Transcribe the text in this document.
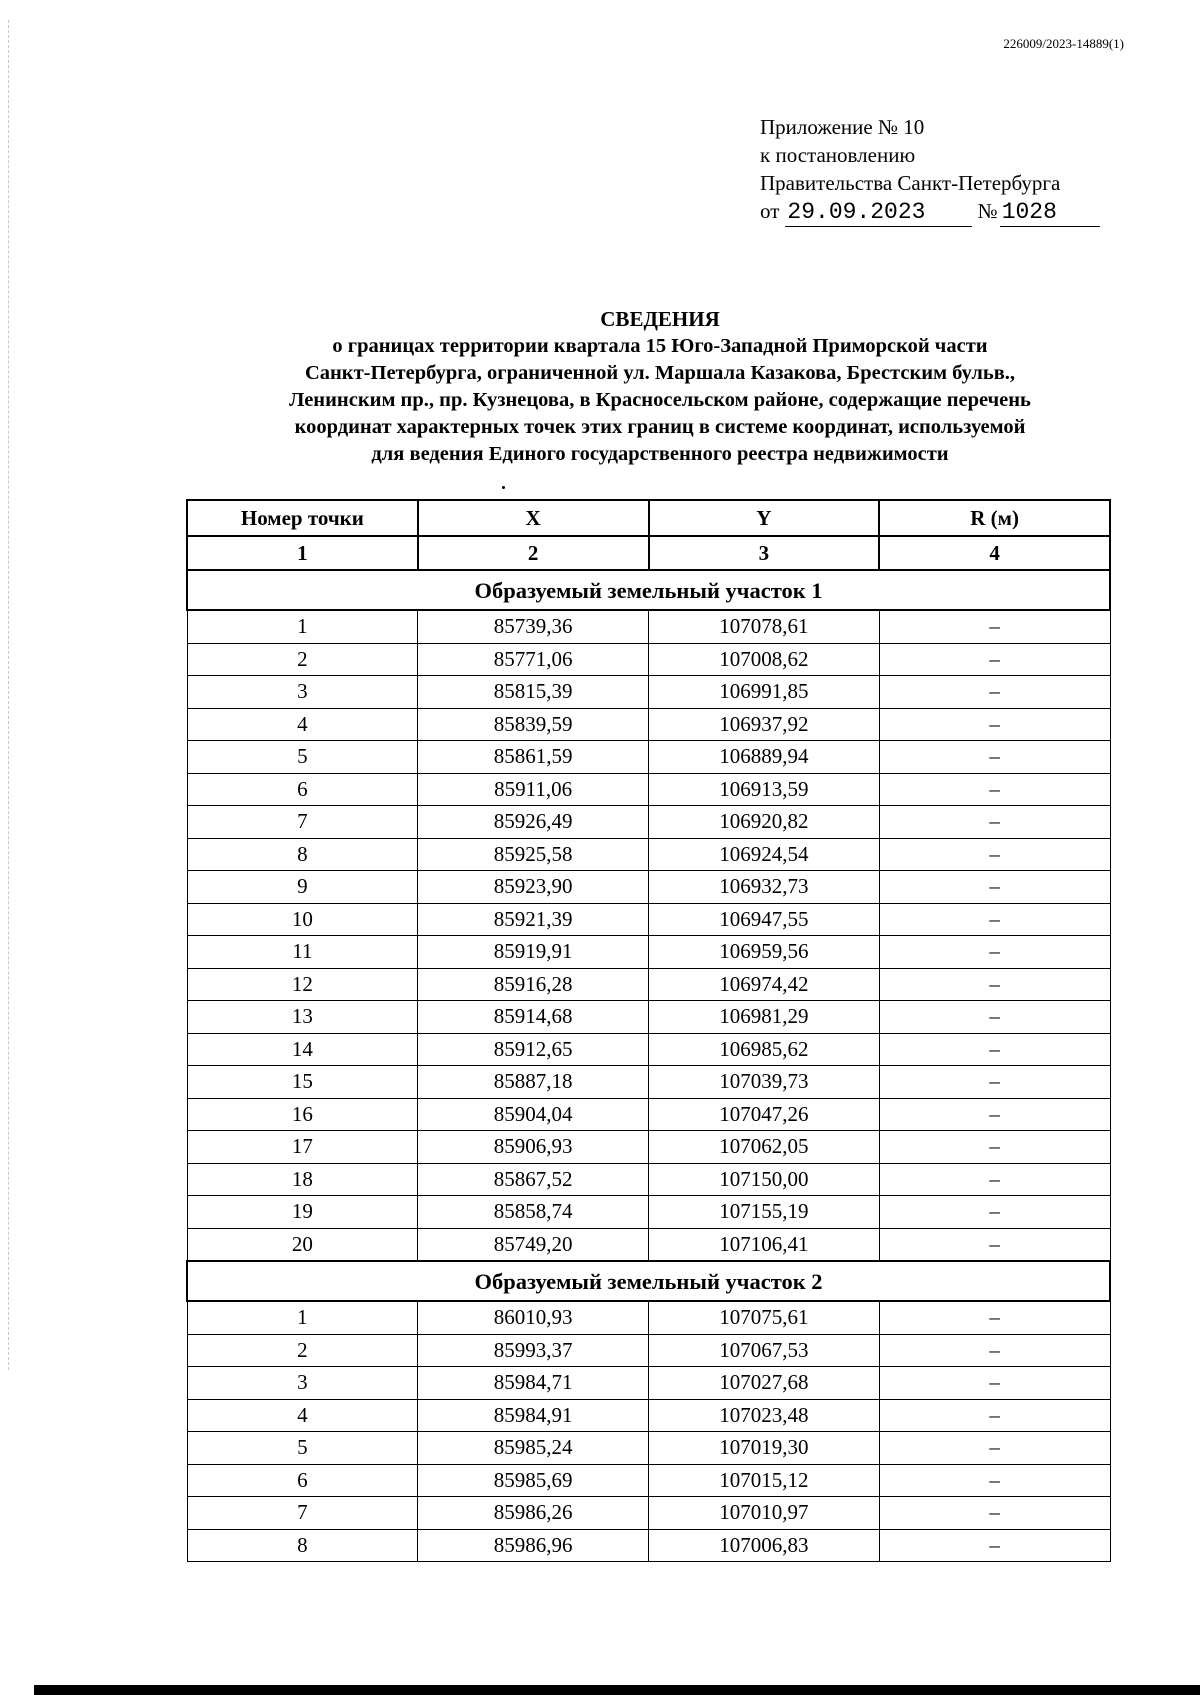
226009/2023-14889(1)
Приложение № 10
к постановлению
Правительства Санкт-Петербурга
от 29.09.2023 № 1028
СВЕДЕНИЯ
о границах территории квартала 15 Юго-Западной Приморской части
Санкт-Петербурга, ограниченной ул. Маршала Казакова, Брестским бульв.,
Ленинским пр., пр. Кузнецова, в Красносельском районе, содержащие перечень
координат характерных точек этих границ в системе координат, используемой
для ведения Единого государственного реестра недвижимости
Номер точки	X	Y	R (м)
1	2	3	4
Образуемый земельный участок 1			
1	85739,36	107078,61	–
2	85771,06	107008,62	–
3	85815,39	106991,85	–
4	85839,59	106937,92	–
5	85861,59	106889,94	–
6	85911,06	106913,59	–
7	85926,49	106920,82	–
8	85925,58	106924,54	–
9	85923,90	106932,73	–
10	85921,39	106947,55	–
11	85919,91	106959,56	–
12	85916,28	106974,42	–
13	85914,68	106981,29	–
14	85912,65	106985,62	–
15	85887,18	107039,73	–
16	85904,04	107047,26	–
17	85906,93	107062,05	–
18	85867,52	107150,00	–
19	85858,74	107155,19	–
20	85749,20	107106,41	–
Образуемый земельный участок 2			
1	86010,93	107075,61	–
2	85993,37	107067,53	–
3	85984,71	107027,68	–
4	85984,91	107023,48	–
5	85985,24	107019,30	–
6	85985,69	107015,12	–
7	85986,26	107010,97	–
8	85986,96	107006,83	–
